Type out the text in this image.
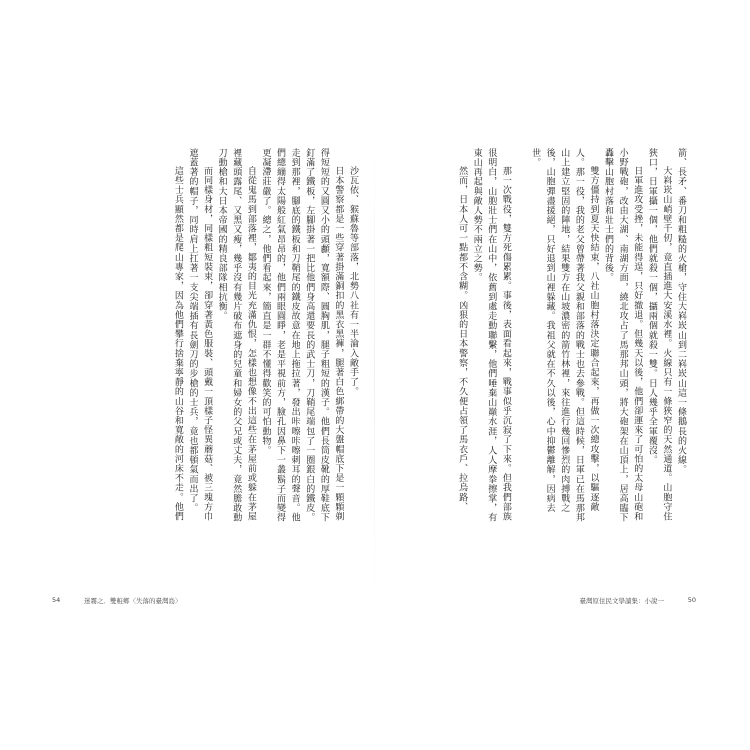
沙瓦依、猴蘇魯等部落，北勢八社有一半淪入敵手了。

日本警察都是一些穿著掛滿銅扣的黑衣黑褲，腿著白色綁帶的大盤帽底下是一顆顆剃得短短的又圓又小的頭顱，寬額際、圓胸肌，腿子粗短的漢子。他們長筒皮靴的厚鞋底下釘滿了鐵板，左腳掛著一把比他們身高還要長的武士刀，刀鞘尾端包了一圈銀白的鐵皮。走到那裡，腳底的鐵板和刀鞘尾的鐵皮故意在地上拖拉著，發出咔嚓咔嚓刺耳的聲音。他們總繃得太陽般紅氣昂昂的，他們兩眼圓睜，老是平視前方，臉孔因鼻下一叢鬍子而變得更凝滯莊嚴了。總之，他們看起來，簡直是一群不懂得歡笑的可怕動物。

自從鬼馬到部落裡，鄒夷的目光充滿仇恨，怎樣也想像不出這些在茅屋前或躲在茅屋裡藏頭露尾、又黑又瘦，幾乎沒有幾片破布遮身的兒童和婦女的父兄或丈夫，竟然膽敢動刀動槍和大日本帝國的精良部隊相抗衡。

而同樣身材，同樣粗短裝束，卻穿著黃色服裝、頭戴一頂樣子怪異蘑菇、被三塊方巾遮蓋著的帽子，同時肩上扛著一支尖端插有長劍刀的步槍的士兵，竟也都頓氣而出了。

這些士兵顯然都是爬山專家，因為他們攀行捨棄寧靜的山谷和寬敞的河床不走。他們

54	迷霧之．雙粧鄉〈失落的臺灣島〉

箭、長矛、番刀和粗糙的火槍，守住大嵙崁山到二嵙崁山這一條鵝長的火線。

大嵙崁山峭壁千仞，竟直插進大安溪水裡。火線只有一條狹窄的天然通道。山胞守住狹口，日軍攝一個，他們就殺一個，攝兩個就殺一雙。日人幾乎全軍覆沒。

日軍進攻受挫，未能得逞，只好撤退。但幾天以後，他們卻運來了可怕的太母山砲和小野戰砲，改由大湖、南湖方面，繞北攻占了馬那邦山頭，將大砲架在山頂上，居高臨下轟擊山胞村落和壯士們的背後。

雙方僵持到夏天快結束，八社山胞村落決定聯合起來，再做一次總攻擊，以驅逐敵人。那一役，我的老父曾帶著我父親和部落的戰士也去參戰。但這時候，日軍已在馬那邦山上建立堅固的陣地，結果雙方在山坡濃密的箭竹林裡，來往進行幾回慘烈的肉搏戰之後，山胞彈盡援絕，只好退到山裡躲藏。我祖父就在不久以後，心中抑鬱離解，因病去世。

那一次戰役，雙方死傷累累。事後，表面看起來，戰事似乎沉寂了下來。但我們部族很明白，山胞壯士們在山中，依舊到處走動聯繫，他們唾棄山巔水涯，人人摩拳擦掌，有東山再起與敵人勢不兩立之勢。

然而，日本人可一點都不含糊。凶狠的日本警察，不久便占領了馬衣戶、拉烏路、

臺灣原住民文學讀集：小說一	50
